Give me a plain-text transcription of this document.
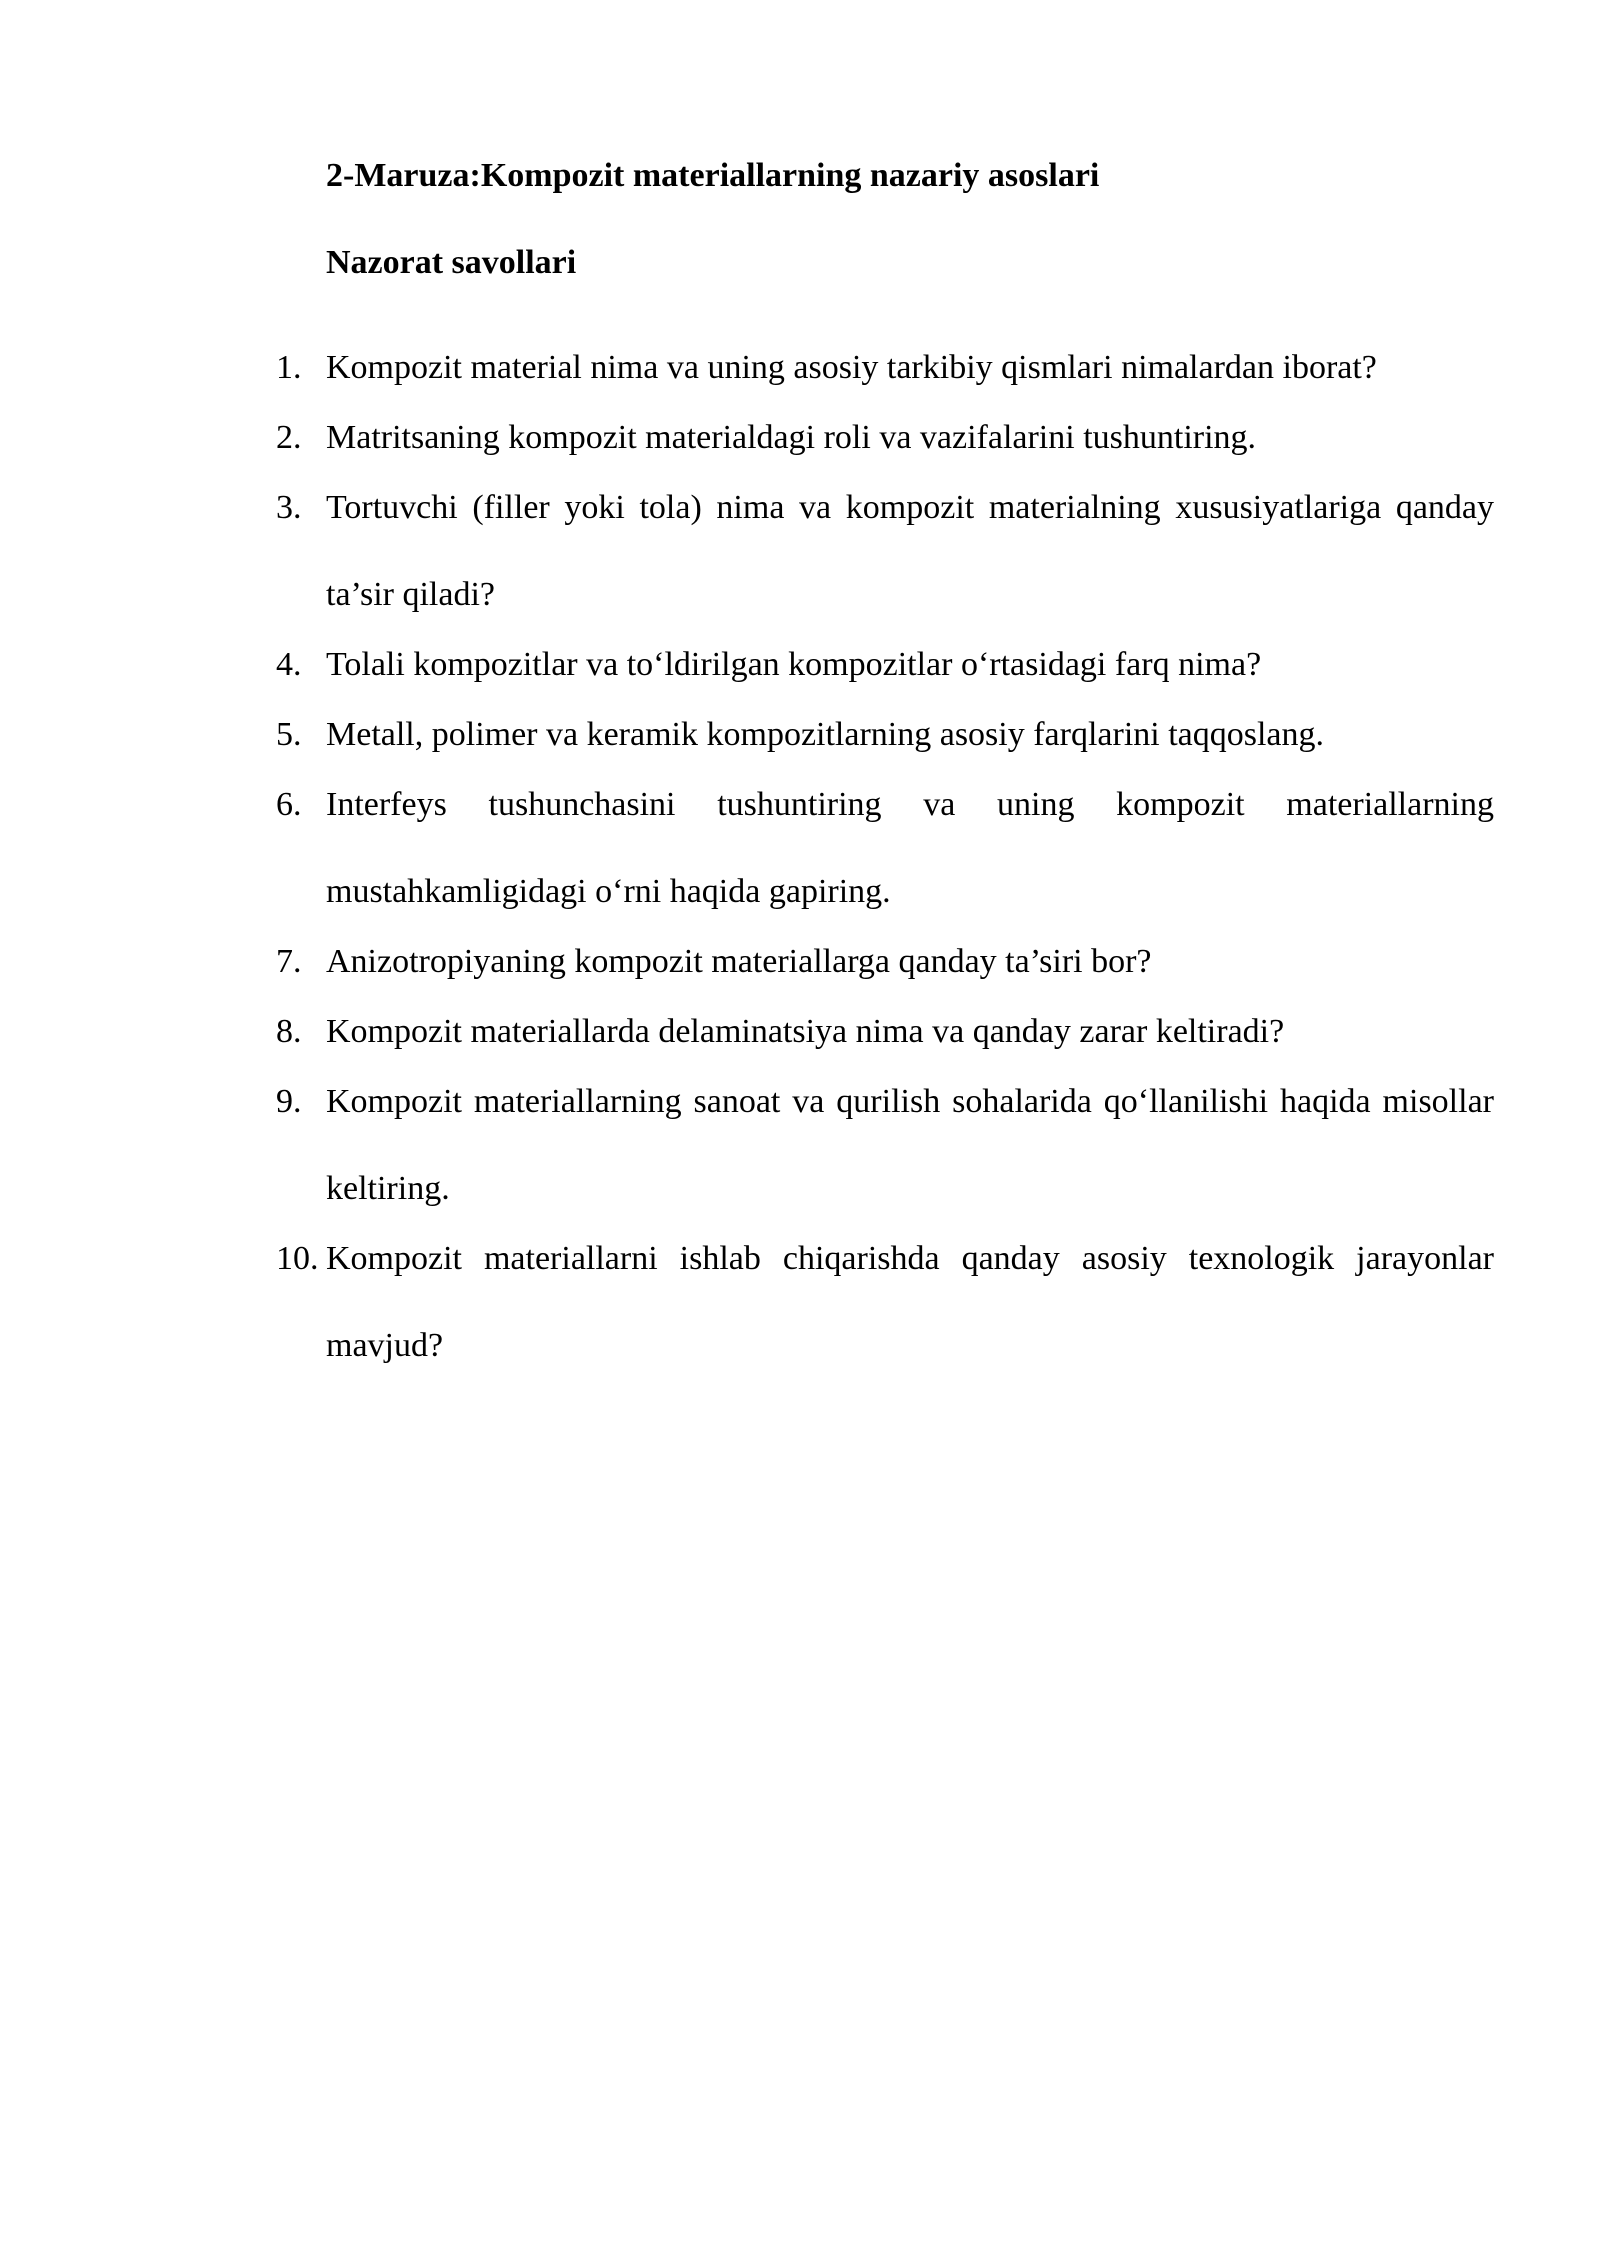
2-Maruza:Kompozit materiallarning nazariy asoslari
Nazorat savollari
1. Kompozit material nima va uning asosiy tarkibiy qismlari nimalardan iborat?
2. Matritsaning kompozit materialdagi roli va vazifalarini tushuntiring.
3. Tortuvchi (filler yoki tola) nima va kompozit materialning xususiyatlariga qanday ta’sir qiladi?
4. Tolali kompozitlar va to‘ldirilgan kompozitlar o‘rtasidagi farq nima?
5. Metall, polimer va keramik kompozitlarning asosiy farqlarini taqqoslang.
6. Interfeys tushunchasini tushuntiring va uning kompozit materiallarning mustahkamligidagi o‘rni haqida gapiring.
7. Anizotropiyaning kompozit materiallarga qanday ta’siri bor?
8. Kompozit materiallarda delaminatsiya nima va qanday zarar keltiradi?
9. Kompozit materiallarning sanoat va qurilish sohalarida qo‘llanilishi haqida misollar keltiring.
10. Kompozit materiallarni ishlab chiqarishda qanday asosiy texnologik jarayonlar mavjud?
